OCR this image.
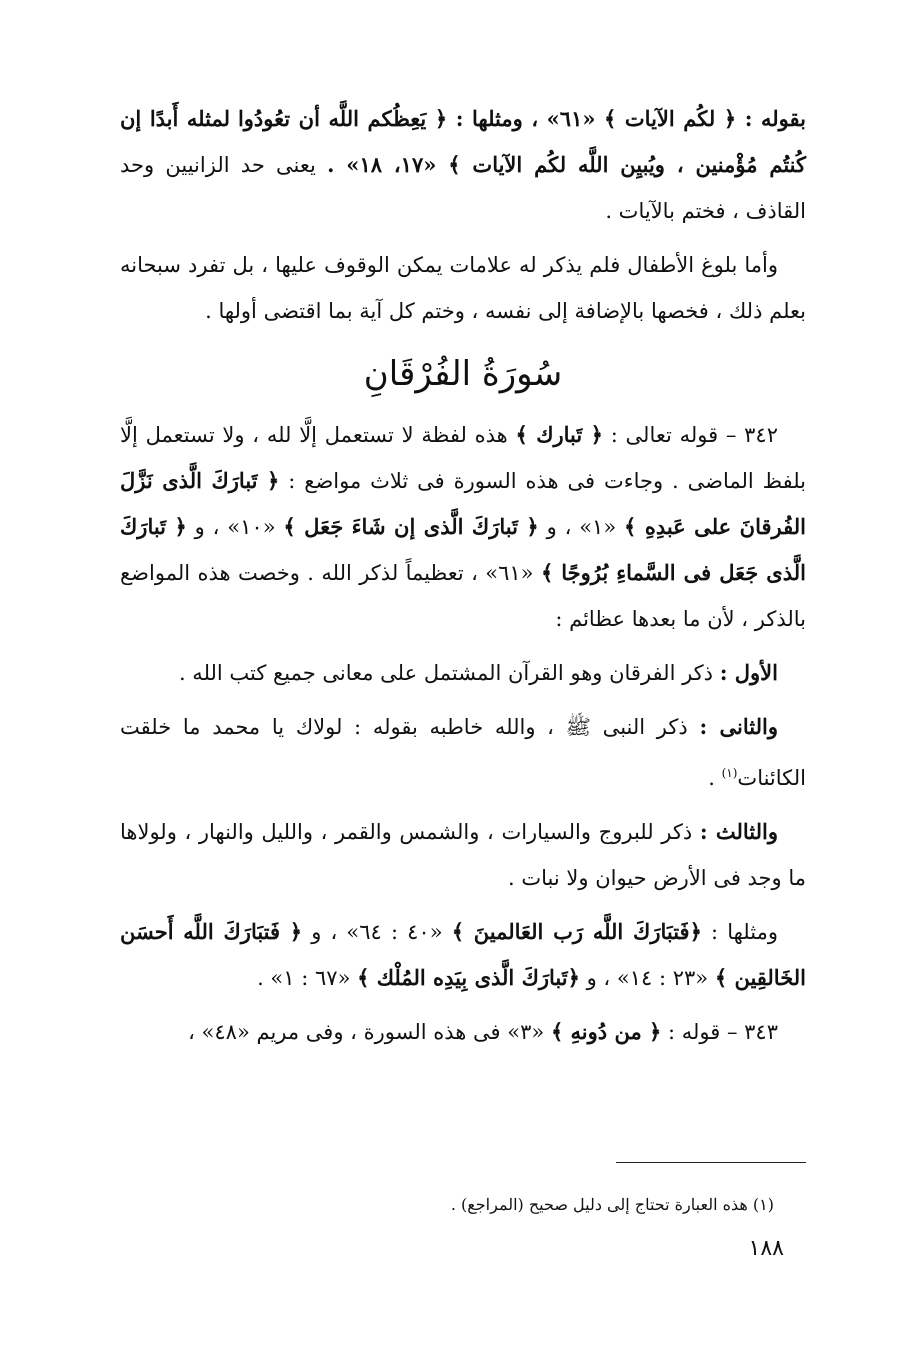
بقوله : ﴿ لكُم الآيات ﴾ «٦١» ، ومثلها : ﴿ يَعِظُكم اللَّه أن تعُودُوا لمثله أَبدًا إن كُنتُم مُؤْمنين ، ويُبيِن اللَّه لكُم الآيات ﴾ «١٧، ١٨» . يعنى حد الزانيين وحد القاذف ، فختم بالآيات .

وأما بلوغ الأطفال فلم يذكر له علامات يمكن الوقوف عليها ، بل تفرد سبحانه بعلم ذلك ، فخصها بالإضافة إلى نفسه ، وختم كل آية بما اقتضى أولها .

سُورَةُ الفُرْقَانِ

٣٤٢ – قوله تعالى : ﴿ تَبارك ﴾ هذه لفظة لا تستعمل إلَّا لله ، ولا تستعمل إلَّا بلفظ الماضى . وجاءت فى هذه السورة فى ثلاث مواضع : ﴿ تَبارَكَ الَّذى نَزَّلَ الفُرقانَ على عَبدِهِ ﴾ «١» ، و ﴿ تَبارَكَ الَّذى إن شَاءَ جَعَل ﴾ «١٠» ، و ﴿ تَبارَكَ الَّذى جَعَل فى السَّماءِ بُرُوجًا ﴾ «٦١» ، تعظيماً لذكر الله . وخصت هذه المواضع بالذكر ، لأن ما بعدها عظائم :

الأول : ذكر الفرقان وهو القرآن المشتمل على معانى جميع كتب الله .

والثانى : ذكر النبى ﷺ ، والله خاطبه بقوله : لولاك يا محمد ما خلقت الكائنات$^{(١)}$ .

والثالث : ذكر للبروج والسيارات ، والشمس والقمر ، والليل والنهار ، ولولاها ما وجد فى الأرض حيوان ولا نبات .

ومثلها : ﴿فَتبَارَكَ اللَّه رَب العَالمينَ ﴾ «٤٠ : ٦٤» ، و ﴿ فَتبَارَكَ اللَّه أَحسَن الخَالقِين ﴾ «٢٣ : ١٤» ، و ﴿تَبارَكَ الَّذى بِيَدِه المُلْك ﴾ «٦٧ : ١» .

٣٤٣ – قوله : ﴿ من دُونهِ ﴾ «٣» فى هذه السورة ، وفى مريم «٤٨» ،

(١) هذه العبارة تحتاج إلى دليل صحيح (المراجع) .
١٨٨
